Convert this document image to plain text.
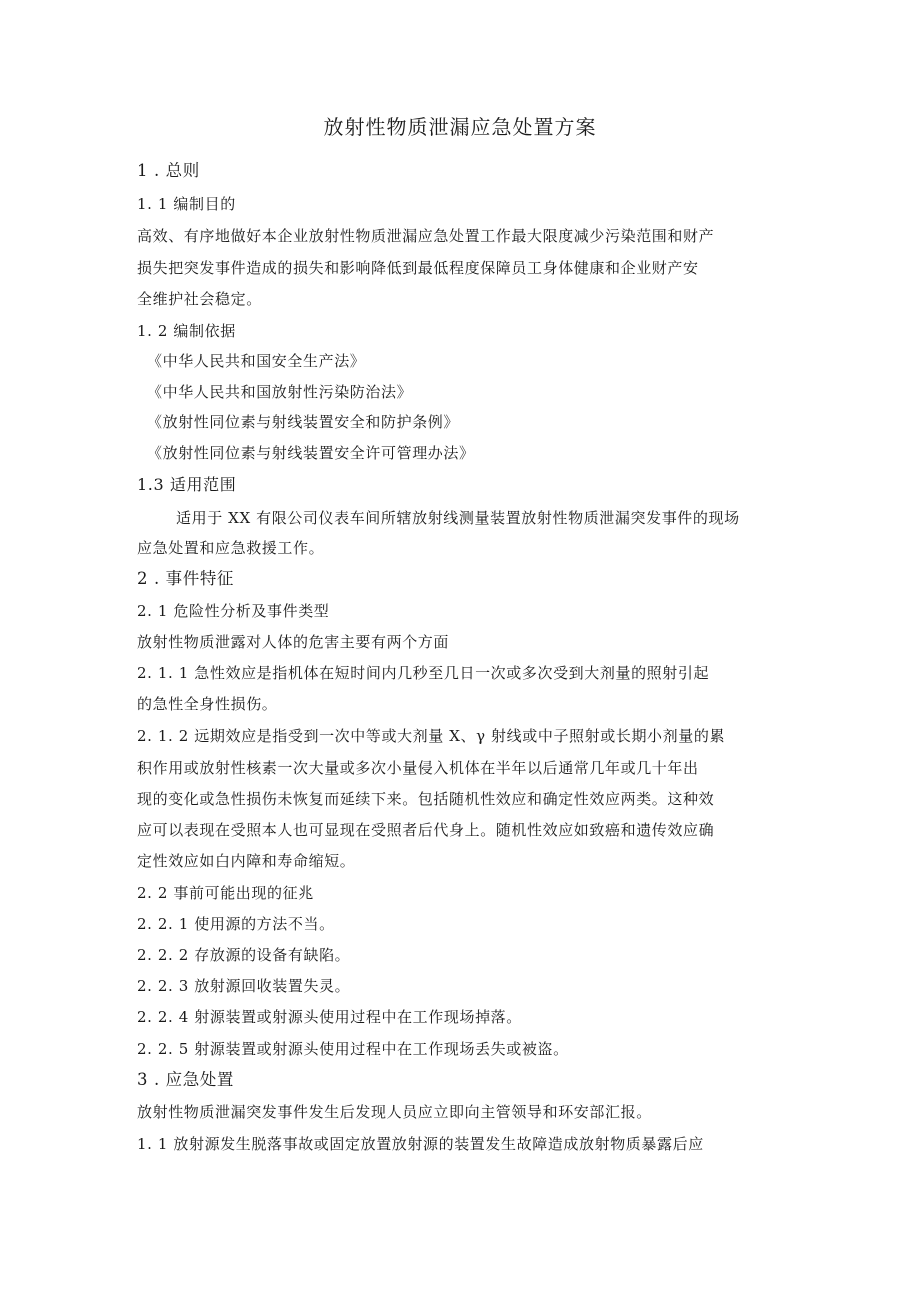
放射性物质泄漏应急处置方案
1 . 总则
1. 1 编制目的
高效、有序地做好本企业放射性物质泄漏应急处置工作最大限度减少污染范围和财产
损失把突发事件造成的损失和影响降低到最低程度保障员工身体健康和企业财产安
全维护社会稳定。
1. 2 编制依据
《中华人民共和国安全生产法》
《中华人民共和国放射性污染防治法》
《放射性同位素与射线装置安全和防护条例》
《放射性同位素与射线装置安全许可管理办法》
1.3 适用范围
适用于 XX 有限公司仪表车间所辖放射线测量装置放射性物质泄漏突发事件的现场
应急处置和应急救援工作。
2 . 事件特征
2. 1 危险性分析及事件类型
放射性物质泄露对人体的危害主要有两个方面
2. 1. 1 急性效应是指机体在短时间内几秒至几日一次或多次受到大剂量的照射引起
的急性全身性损伤。
2. 1. 2 远期效应是指受到一次中等或大剂量 X、γ 射线或中子照射或长期小剂量的累
积作用或放射性核素一次大量或多次小量侵入机体在半年以后通常几年或几十年出
现的变化或急性损伤未恢复而延续下来。包括随机性效应和确定性效应两类。这种效
应可以表现在受照本人也可显现在受照者后代身上。随机性效应如致癌和遗传效应确
定性效应如白内障和寿命缩短。
2. 2 事前可能出现的征兆
2. 2. 1 使用源的方法不当。
2. 2. 2 存放源的设备有缺陷。
2. 2. 3 放射源回收装置失灵。
2. 2. 4 射源装置或射源头使用过程中在工作现场掉落。
2. 2. 5 射源装置或射源头使用过程中在工作现场丢失或被盗。
3 . 应急处置
放射性物质泄漏突发事件发生后发现人员应立即向主管领导和环安部汇报。
1. 1 放射源发生脱落事故或固定放置放射源的装置发生故障造成放射物质暴露后应
